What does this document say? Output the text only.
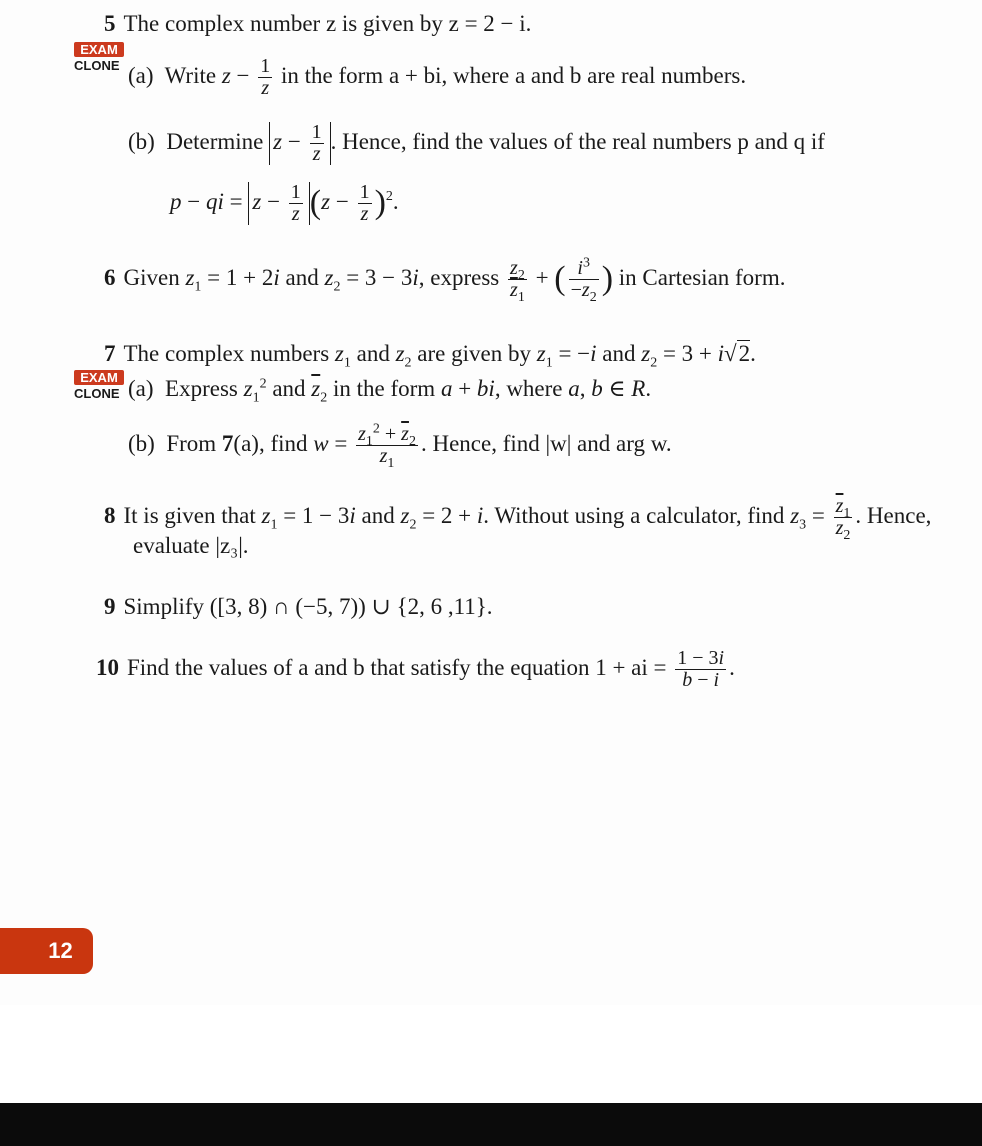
5 The complex number z is given by z = 2 − i.
EXAM
CLONE (a)  Write $z - \frac{1}{z}$ in the form a + bi, where a and b are real numbers.
(b)  Determine $z - \frac{1}{z}$ . Hence, find the values of the real numbers p and q if
p − qi = $z - \frac{1}{z} (z - \frac{1}{z} )^2$.
6 Given $z_1 = 1 + 2i$ and $z_2 = 3 - 3i$, express $\frac{z_2}{\overline{z}_1}$ + ( $\frac{i^3}{-z_2}$ ) in Cartesian form.
7 The complex numbers $z_1$ and $z_2$ are given by $z_1 = -i$ and $z_2 = 3 + i√2$.
EXAM
CLONE (a)  Express $z_1^2$ and $\overline{z}_2$ in the form a + bi, where a, b ∈ R.
(b)  From 7(a), find $w = \frac{z_1^2 + \overline{z}_2}{z_1}$ . Hence, find |w| and arg w.
8 It is given that $z_1 = 1 - 3i$ and $z_2 = 2 + i$. Without using a calculator, find $z_3 = \frac{\overline{z}_1}{z_2}$ . Hence,
evaluate |z₃|.
9 Simplify ([3, 8) ∩ (−5, 7)) ∪ {2, 6 ,11}.
10 Find the values of a and b that satisfy the equation 1 + ai = $\frac{1 - 3i}{b - i}$ .
12
